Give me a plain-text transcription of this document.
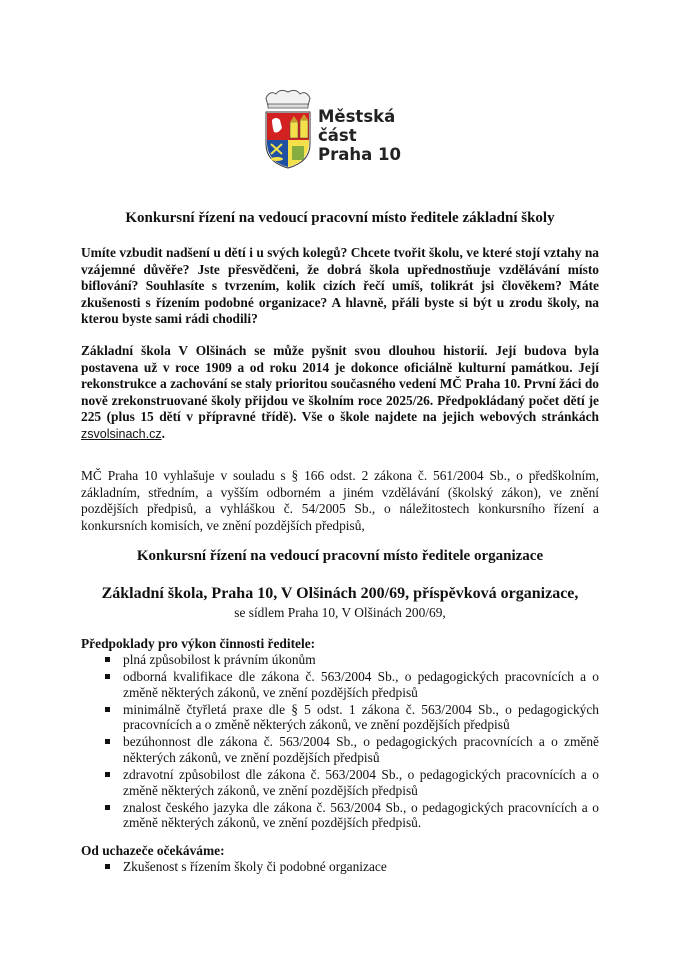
Městská
část
Praha 10
Konkursní řízení na vedoucí pracovní místo ředitele základní školy
Umíte vzbudit nadšení u dětí i u svých kolegů? Chcete tvořit školu, ve které stojí vztahy na vzájemné důvěře? Jste přesvědčeni, že dobrá škola upřednostňuje vzdělávání místo biflování? Souhlasíte s tvrzením, kolik cizích řečí umíš, tolikrát jsi člověkem? Máte zkušenosti s řízením podobné organizace? A hlavně, přáli byste si být u zrodu školy, na kterou byste sami rádi chodili?
Základní škola V Olšinách se může pyšnit svou dlouhou historií. Její budova byla postavena už v roce 1909 a od roku 2014 je dokonce oficiálně kulturní památkou. Její rekonstrukce a zachování se staly prioritou současného vedení MČ Praha 10. První žáci do nově zrekonstruované školy přijdou ve školním roce 2025/26. Předpokládaný počet dětí je 225 (plus 15 dětí v přípravné třídě). Vše o škole najdete na jejich webových stránkách zsvolsinach.cz.
MČ Praha 10 vyhlašuje v souladu s § 166 odst. 2 zákona č. 561/2004 Sb., o předškolním, základním, středním, a vyšším odborném a jiném vzdělávání (školský zákon), ve znění pozdějších předpisů, a vyhláškou č. 54/2005 Sb., o náležitostech konkursního řízení a konkursních komisích, ve znění pozdějších předpisů,
Konkursní řízení na vedoucí pracovní místo ředitele organizace
Základní škola, Praha 10, V Olšinách 200/69, příspěvková organizace,
se sídlem Praha 10, V Olšinách 200/69,
Předpoklady pro výkon činnosti ředitele:
plná způsobilost k právním úkonům
odborná kvalifikace dle zákona č. 563/2004 Sb., o pedagogických pracovnících a o změně některých zákonů, ve znění pozdějších předpisů
minimálně čtyřletá praxe dle § 5 odst. 1 zákona č. 563/2004 Sb., o pedagogických pracovnících a o změně některých zákonů, ve znění pozdějších předpisů
bezúhonnost dle zákona č. 563/2004 Sb., o pedagogických pracovnících a o změně některých zákonů, ve znění pozdějších předpisů
zdravotní způsobilost dle zákona č. 563/2004 Sb., o pedagogických pracovnících a o změně některých zákonů, ve znění pozdějších předpisů
znalost českého jazyka dle zákona č. 563/2004 Sb., o pedagogických pracovnících a o změně některých zákonů, ve znění pozdějších předpisů.
Od uchazeče očekáváme:
Zkušenost s řízením školy či podobné organizace
